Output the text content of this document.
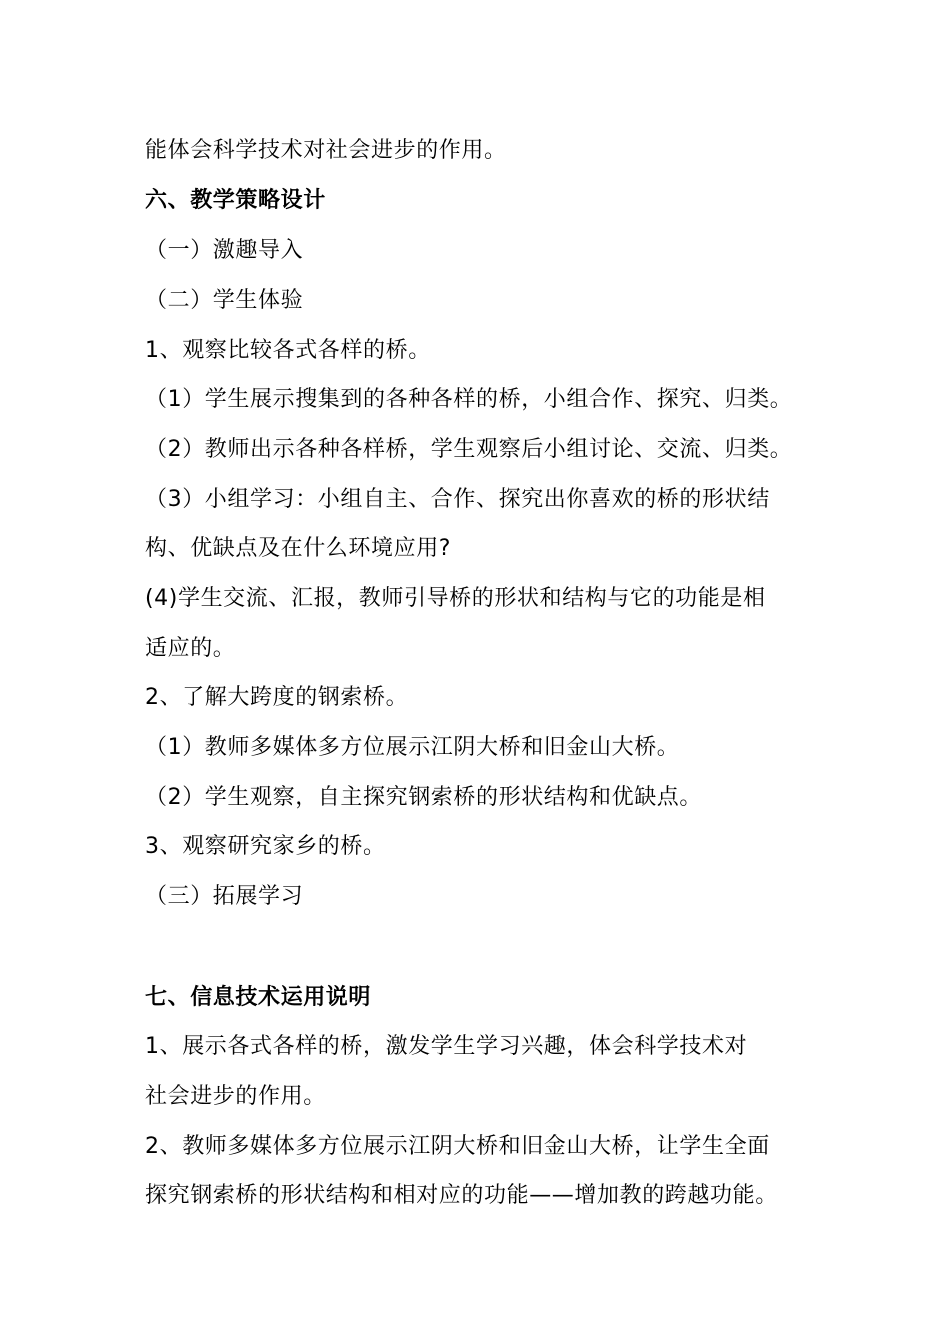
能体会科学技术对社会进步的作用。
六、教学策略设计
（一）激趣导入
（二）学生体验
1、观察比较各式各样的桥。
（1）学生展示搜集到的各种各样的桥，小组合作、探究、归类。
（2）教师出示各种各样桥，学生观察后小组讨论、交流、归类。
（3）小组学习：小组自主、合作、探究出你喜欢的桥的形状结
构、优缺点及在什么环境应用?
(4)学生交流、汇报，教师引导桥的形状和结构与它的功能是相
适应的。
2、了解大跨度的钢索桥。
（1）教师多媒体多方位展示江阴大桥和旧金山大桥。
（2）学生观察，自主探究钢索桥的形状结构和优缺点。
3、观察研究家乡的桥。
（三）拓展学习
七、信息技术运用说明
1、展示各式各样的桥，激发学生学习兴趣，体会科学技术对
社会进步的作用。
2、教师多媒体多方位展示江阴大桥和旧金山大桥，让学生全面
探究钢索桥的形状结构和相对应的功能——增加教的跨越功能。
